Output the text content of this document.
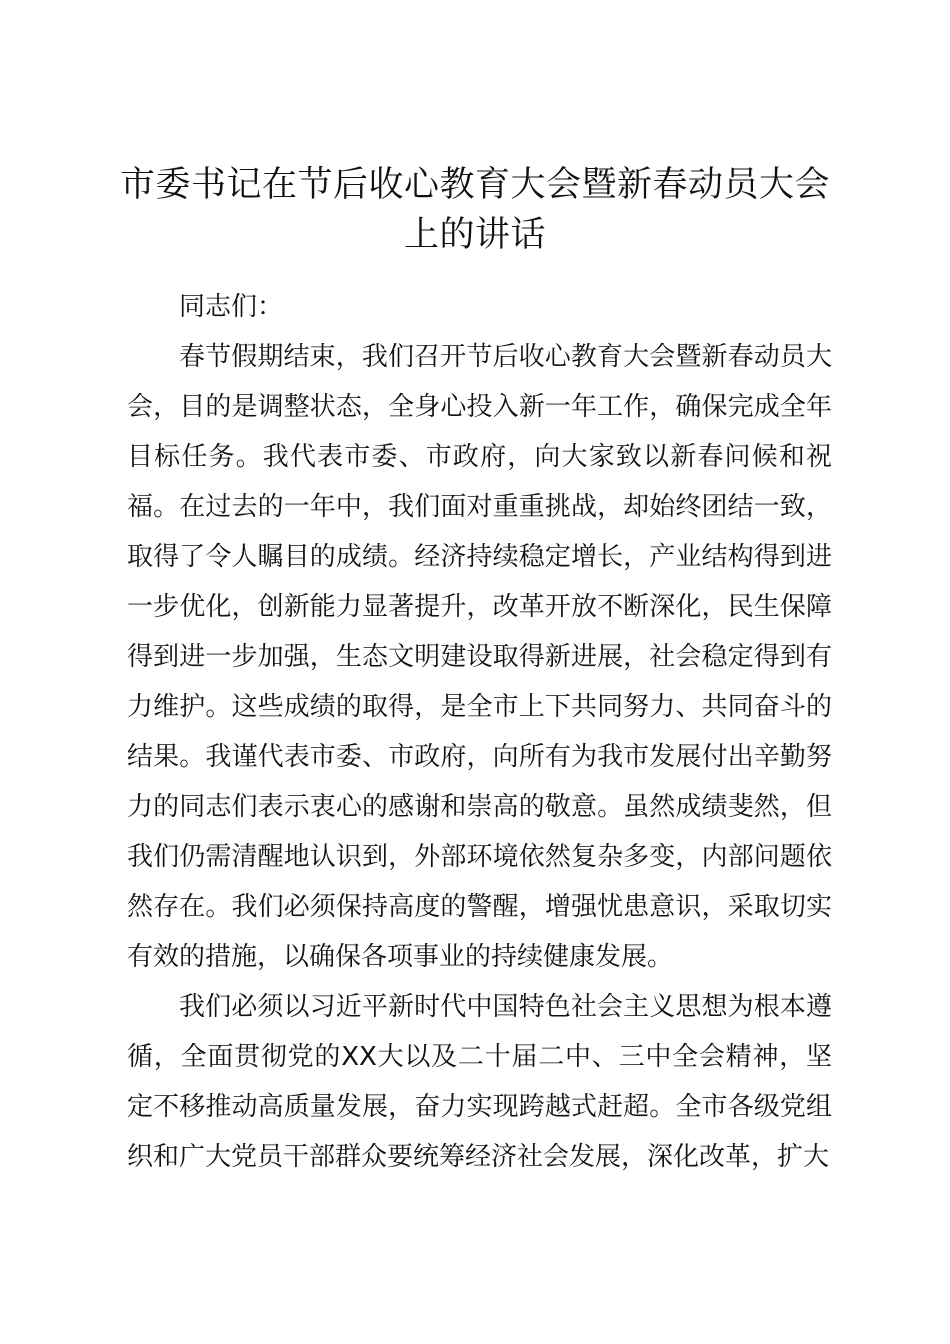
市委书记在节后收心教育大会暨新春动员大会上的讲话

同志们：

春节假期结束，我们召开节后收心教育大会暨新春动员大会，目的是调整状态，全身心投入新一年工作，确保完成全年目标任务。我代表市委、市政府，向大家致以新春问候和祝福。在过去的一年中，我们面对重重挑战，却始终团结一致，取得了令人瞩目的成绩。经济持续稳定增长，产业结构得到进一步优化，创新能力显著提升，改革开放不断深化，民生保障得到进一步加强，生态文明建设取得新进展，社会稳定得到有力维护。这些成绩的取得，是全市上下共同努力、共同奋斗的结果。我谨代表市委、市政府，向所有为我市发展付出辛勤努力的同志们表示衷心的感谢和崇高的敬意。虽然成绩斐然，但我们仍需清醒地认识到，外部环境依然复杂多变，内部问题依然存在。我们必须保持高度的警醒，增强忧患意识，采取切实有效的措施，以确保各项事业的持续健康发展。

我们必须以习近平新时代中国特色社会主义思想为根本遵循，全面贯彻党的XX大以及二十届二中、三中全会精神，坚定不移推动高质量发展，奋力实现跨越式赶超。全市各级党组织和广大党员干部群众要统筹经济社会发展，深化改革，扩大
